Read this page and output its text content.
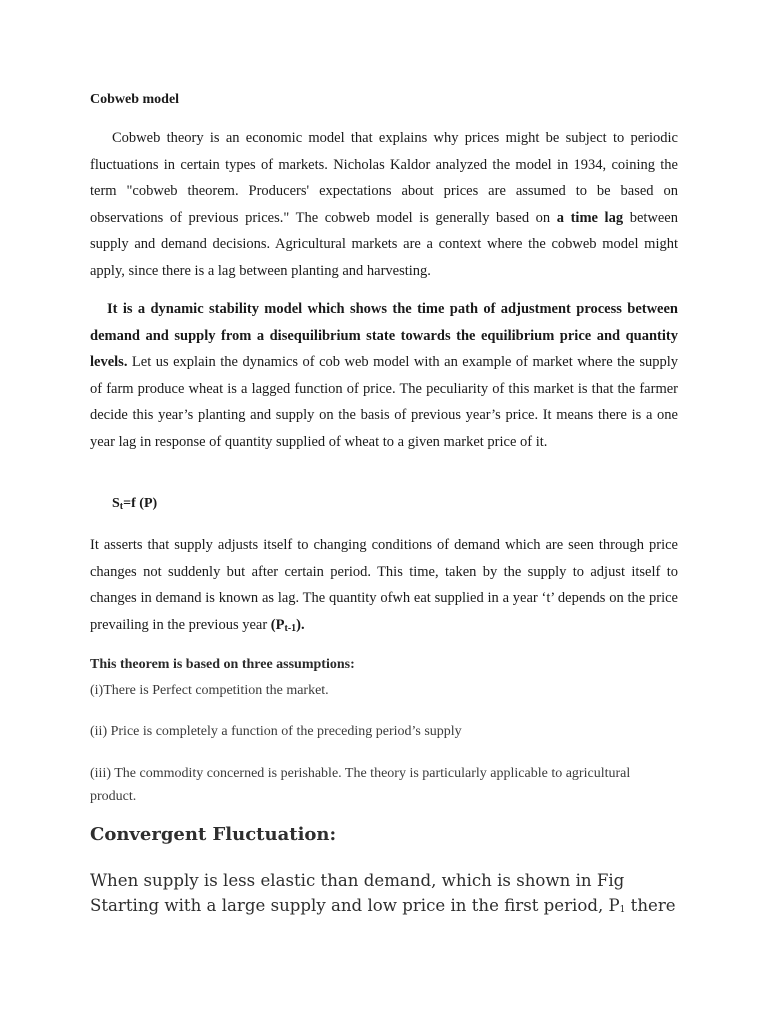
Cobweb model

Cobweb theory is an economic model that explains why prices might be subject to periodic fluctuations in certain types of markets. Nicholas Kaldor analyzed the model in 1934, coining the term "cobweb theorem. Producers' expectations about prices are assumed to be based on observations of previous prices." The cobweb model is generally based on a time lag between supply and demand decisions. Agricultural markets are a context where the cobweb model might apply, since there is a lag between planting and harvesting.

It is a dynamic stability model which shows the time path of adjustment process between demand and supply from a disequilibrium state towards the equilibrium price and quantity levels. Let us explain the dynamics of cob web model with an example of market where the supply of farm produce wheat is a lagged function of price. The peculiarity of this market is that the farmer decide this year’s planting and supply on the basis of previous year’s price. It means there is a one year lag in response of quantity supplied of wheat to a given market price of it.

$S_t=f$ (P)

It asserts that supply adjusts itself to changing conditions of demand which are seen through price changes not suddenly but after certain period. This time, taken by the supply to adjust itself to changes in demand is known as lag. The quantity ofwh eat supplied in a year ‘t’ depends on the price prevailing in the previous year $(P_{t-1})$.

This theorem is based on three assumptions:

(i)There is Perfect competition the market.

(ii) Price is completely a function of the preceding period’s supply

(iii) The commodity concerned is perishable. The theory is particularly applicable to agricultural product.

Convergent Fluctuation:

When supply is less elastic than demand, which is shown in Fig
Starting with a large supply and low price in the first period, $P_1$ there
